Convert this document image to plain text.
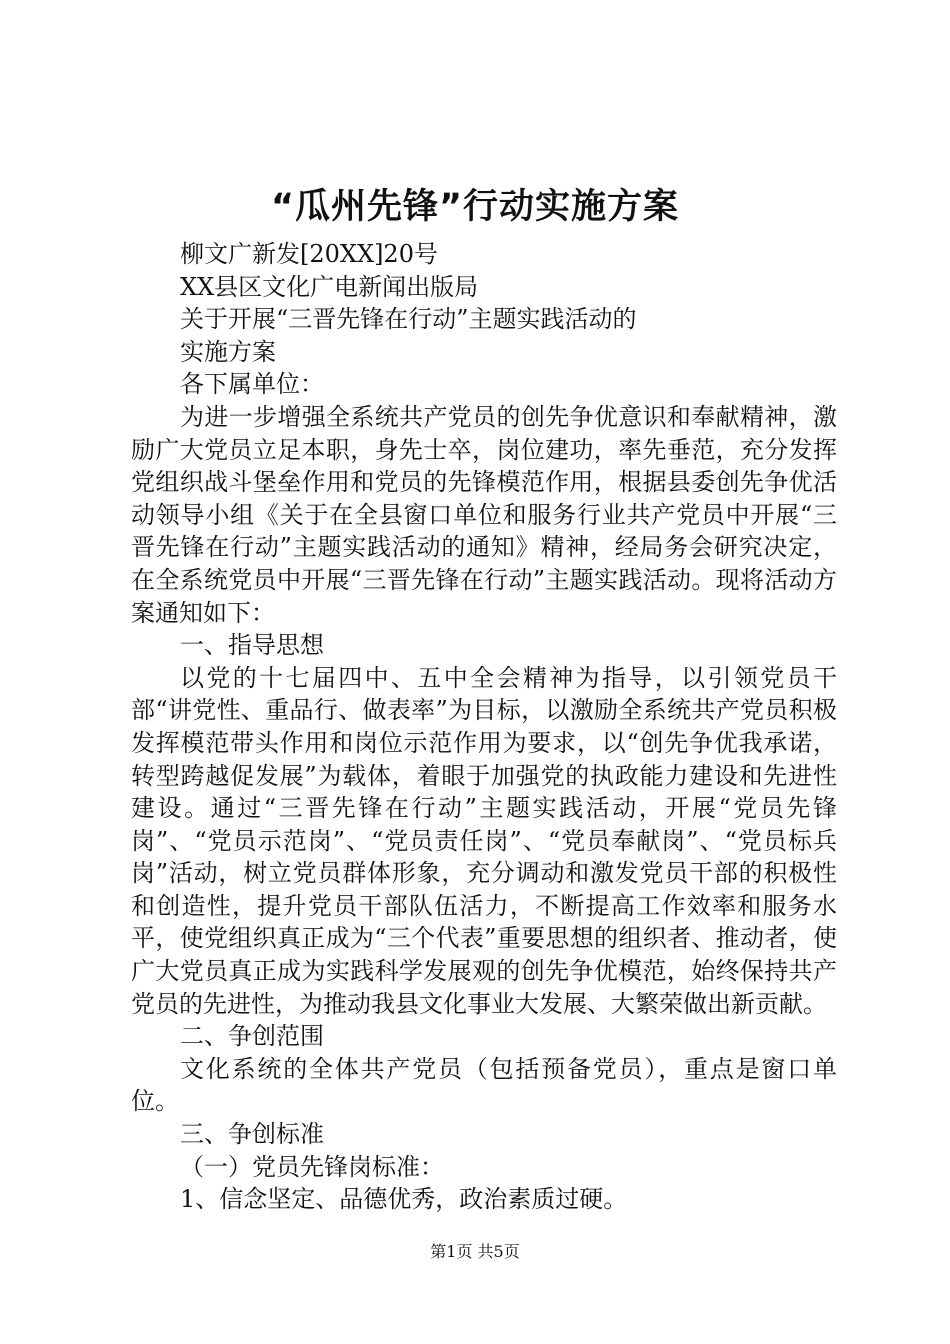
“瓜州先锋”行动实施方案

柳文广新发[20XX]20号

XX县区文化广电新闻出版局

关于开展“三晋先锋在行动”主题实践活动的

实施方案

各下属单位：

为进一步增强全系统共产党员的创先争优意识和奉献精神，激励广大党员立足本职，身先士卒，岗位建功，率先垂范，充分发挥党组织战斗堡垒作用和党员的先锋模范作用，根据县委创先争优活动领导小组《关于在全县窗口单位和服务行业共产党员中开展“三晋先锋在行动”主题实践活动的通知》精神，经局务会研究决定，在全系统党员中开展“三晋先锋在行动”主题实践活动。现将活动方案通知如下：

一、指导思想

以党的十七届四中、五中全会精神为指导，以引领党员干部“讲党性、重品行、做表率”为目标，以激励全系统共产党员积极发挥模范带头作用和岗位示范作用为要求，以“创先争优我承诺，转型跨越促发展”为载体，着眼于加强党的执政能力建设和先进性建设。通过“三晋先锋在行动”主题实践活动，开展“党员先锋岗”、“党员示范岗”、“党员责任岗”、“党员奉献岗”、“党员标兵岗”活动，树立党员群体形象，充分调动和激发党员干部的积极性和创造性，提升党员干部队伍活力，不断提高工作效率和服务水平，使党组织真正成为“三个代表”重要思想的组织者、推动者，使广大党员真正成为实践科学发展观的创先争优模范，始终保持共产党员的先进性，为推动我县文化事业大发展、大繁荣做出新贡献。

二、争创范围

文化系统的全体共产党员（包括预备党员），重点是窗口单位。

三、争创标准

（一）党员先锋岗标准：

1、信念坚定、品德优秀，政治素质过硬。

第1页 共5页
